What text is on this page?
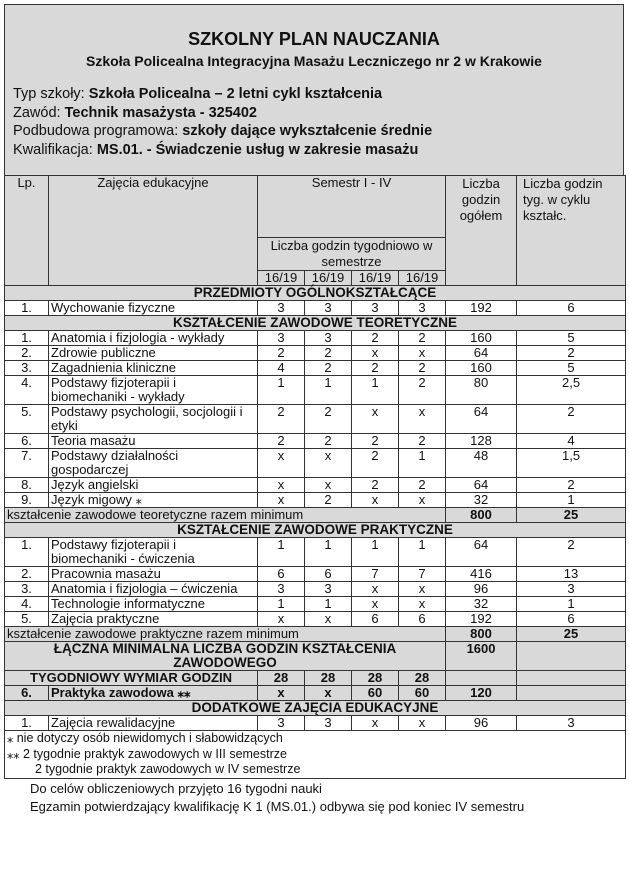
SZKOLNY PLAN NAUCZANIA
Szkoła Policealna Integracyjna Masażu Leczniczego nr 2 w Krakowie
Typ szkoły: Szkoła Policealna – 2 letni cykl kształcenia
Zawód: Technik masażysta - 325402
Podbudowa programowa: szkoły dające wykształcenie średnie
Kwalifikacja: MS.01. - Świadczenie usług w zakresie masażu
Lp.	Zajęcia edukacyjne	Semestr I - IV				Liczba godzin ogółem	Liczba godzin tyg. w cyklu kształc.
		Liczba godzin tygodniowo w semestrze					
		16/19	16/19	16/19	16/19		
PRZEDMIOTY OGÓLNOKSZTAŁCĄCE							
1.	Wychowanie fizyczne	3	3	3	3	192	6
KSZTAŁCENIE ZAWODOWE TEORETYCZNE							
1.	Anatomia i fizjologia - wykłady	3	3	2	2	160	5
2.	Zdrowie publiczne	2	2	x	x	64	2
3.	Zagadnienia kliniczne	4	2	2	2	160	5
4.	Podstawy fizjoterapii i biomechaniki - wykłady	1	1	1	2	80	2,5
5.	Podstawy psychologii, socjologii i etyki	2	2	x	x	64	2
6.	Teoria masażu	2	2	2	2	128	4
7.	Podstawy działalności gospodarczej	x	x	2	1	48	1,5
8.	Język angielski	x	x	2	2	64	2
9.	Język migowy ⁎	x	2	x	x	32	1
kształcenie zawodowe teoretyczne razem minimum						800	25
KSZTAŁCENIE ZAWODOWE PRAKTYCZNE							
1.	Podstawy fizjoterapii i biomechaniki - ćwiczenia	1	1	1	1	64	2
2.	Pracownia masażu	6	6	7	7	416	13
3.	Anatomia i fizjologia – ćwiczenia	3	3	x	x	96	3
4.	Technologie informatyczne	1	1	x	x	32	1
5.	Zajęcia praktyczne	x	x	6	6	192	6
kształcenie zawodowe praktyczne razem minimum						800	25
ŁĄCZNA MINIMALNA LICZBA GODZIN KSZTAŁCENIA ZAWODOWEGO						1600	
TYGODNIOWY WYMIAR GODZIN		28	28	28	28		
6.	Praktyka zawodowa ⁎⁎	x	x	60	60	120	
DODATKOWE ZAJĘCIA EDUKACYJNE							
1.	Zajęcia rewalidacyjne	3	3	x	x	96	3

⁎ nie dotyczy osób niewidomych i słabowidzących
⁎⁎ 2 tygodnie praktyk zawodowych w III semestrze
2 tygodnie praktyk zawodowych w IV semestrze							
Do celów obliczeniowych przyjęto 16 tygodni nauki
Egzamin potwierdzający kwalifikację K 1 (MS.01.) odbywa się pod koniec IV semestru
